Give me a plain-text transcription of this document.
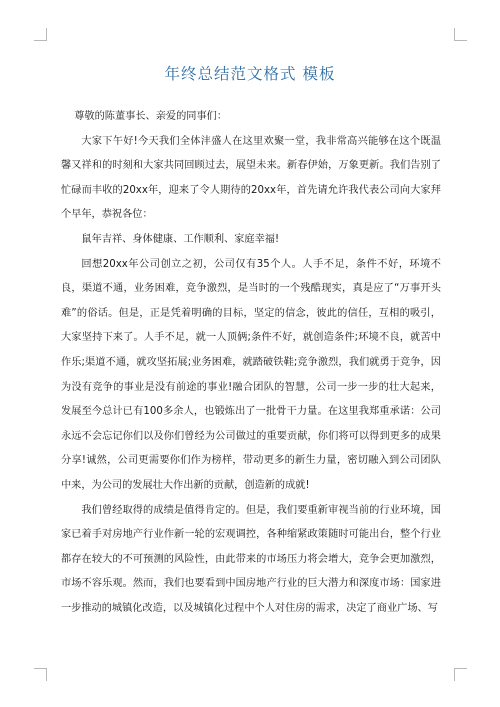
年终总结范文格式 模板

尊敬的陈董事长、亲爱的同事们：

大家下午好!今天我们全体沣盛人在这里欢聚一堂，我非常高兴能够在这个既温馨又祥和的时刻和大家共同回顾过去，展望未来。新春伊始，万象更新。我们告别了忙碌而丰收的20xx年，迎来了令人期待的20xx年，首先请允许我代表公司向大家拜个早年，恭祝各位：

鼠年吉祥、身体健康、工作顺利、家庭幸福!

回想20xx年公司创立之初，公司仅有35个人。人手不足，条件不好，环境不良，渠道不通，业务困难，竞争激烈，是当时的一个残酷现实，真是应了“万事开头难”的俗话。但是，正是凭着明确的目标，坚定的信念，彼此的信任，互相的吸引，大家坚持下来了。人手不足，就一人顶俩;条件不好，就创造条件;环境不良，就苦中作乐;渠道不通，就攻坚拓展;业务困难，就踏破铁鞋;竞争激烈，我们就勇于竞争，因为没有竞争的事业是没有前途的事业!融合团队的智慧，公司一步一步的壮大起来，发展至今总计已有100多余人，也锻炼出了一批骨干力量。在这里我郑重承诺：公司永远不会忘记你们以及你们曾经为公司做过的重要贡献，你们将可以得到更多的成果分享!诚然，公司更需要你们作为榜样，带动更多的新生力量，密切融入到公司团队中来，为公司的发展壮大作出新的贡献，创造新的成就!

我们曾经取得的成绩是值得肯定的。但是，我们要重新审视当前的行业环境，国家已着手对房地产行业作新一轮的宏观调控，各种缩紧政策随时可能出台，整个行业都存在较大的不可预测的风险性，由此带来的市场压力将会增大，竞争会更加激烈，市场不容乐观。然而，我们也要看到中国房地产行业的巨大潜力和深度市场：国家进一步推动的城镇化改造，以及城镇化过程中个人对住房的需求，决定了商业广场、写
